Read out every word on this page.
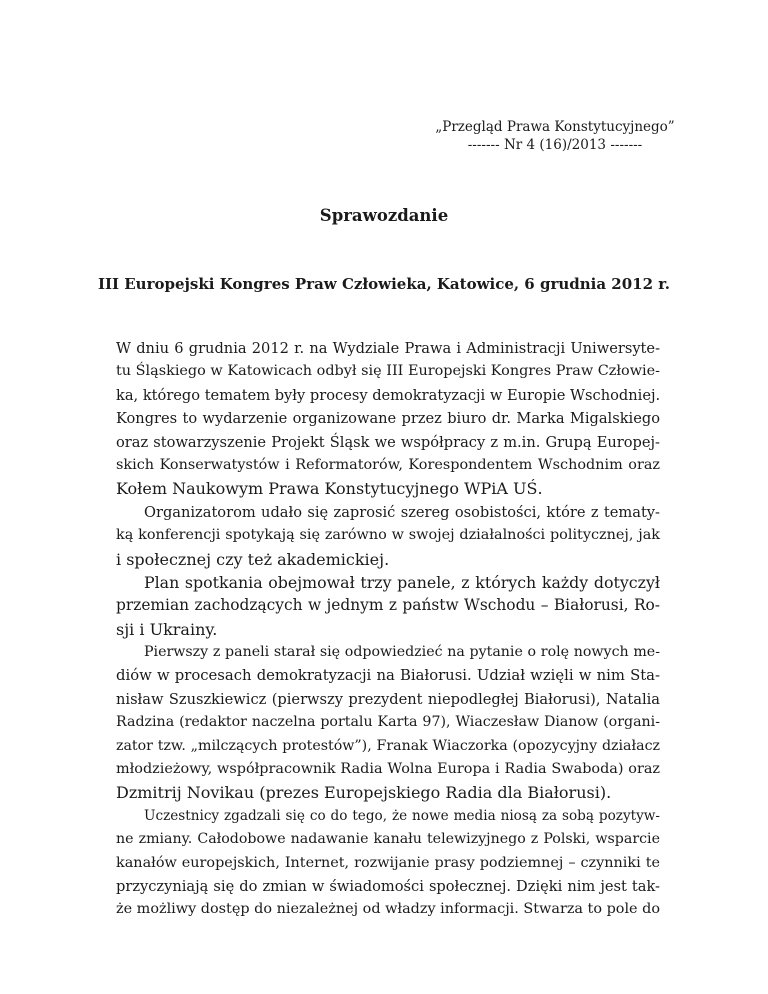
„Przegląd Prawa Konstytucyjnego”
------- Nr 4 (16)/2013 -------
Sprawozdanie
III Europejski Kongres Praw Człowieka, Katowice, 6 grudnia 2012 r.
W dniu 6 grudnia 2012 r. na Wydziale Prawa i Administracji Uniwersyte-
tu Śląskiego w Katowicach odbył się III Europejski Kongres Praw Człowie-
ka, którego tematem były procesy demokratyzacji w Europie Wschodniej.
Kongres to wydarzenie organizowane przez biuro dr. Marka Migalskiego
oraz stowarzyszenie Projekt Śląsk we współpracy z m.in. Grupą Europej-
skich Konserwatystów i Reformatorów, Korespondentem Wschodnim oraz
Kołem Naukowym Prawa Konstytucyjnego WPiA UŚ.
Organizatorom udało się zaprosić szereg osobistości, które z tematy-
ką konferencji spotykają się zarówno w swojej działalności politycznej, jak
i społecznej czy też akademickiej.
Plan spotkania obejmował trzy panele, z których każdy dotyczył
przemian zachodzących w jednym z państw Wschodu – Białorusi, Ro-
sji i Ukrainy.
Pierwszy z paneli starał się odpowiedzieć na pytanie o rolę nowych me-
diów w procesach demokratyzacji na Białorusi. Udział wzięli w nim Sta-
nisław Szuszkiewicz (pierwszy prezydent niepodległej Białorusi), Natalia
Radzina (redaktor naczelna portalu Karta 97), Wiaczesław Dianow (organi-
zator tzw. „milczących protestów”), Franak Wiaczorka (opozycyjny działacz
młodzieżowy, współpracownik Radia Wolna Europa i Radia Swaboda) oraz
Dzmitrij Novikau (prezes Europejskiego Radia dla Białorusi).
Uczestnicy zgadzali się co do tego, że nowe media niosą za sobą pozytyw-
ne zmiany. Całodobowe nadawanie kanału telewizyjnego z Polski, wsparcie
kanałów europejskich, Internet, rozwijanie prasy podziemnej – czynniki te
przyczyniają się do zmian w świadomości społecznej. Dzięki nim jest tak-
że możliwy dostęp do niezależnej od władzy informacji. Stwarza to pole do
